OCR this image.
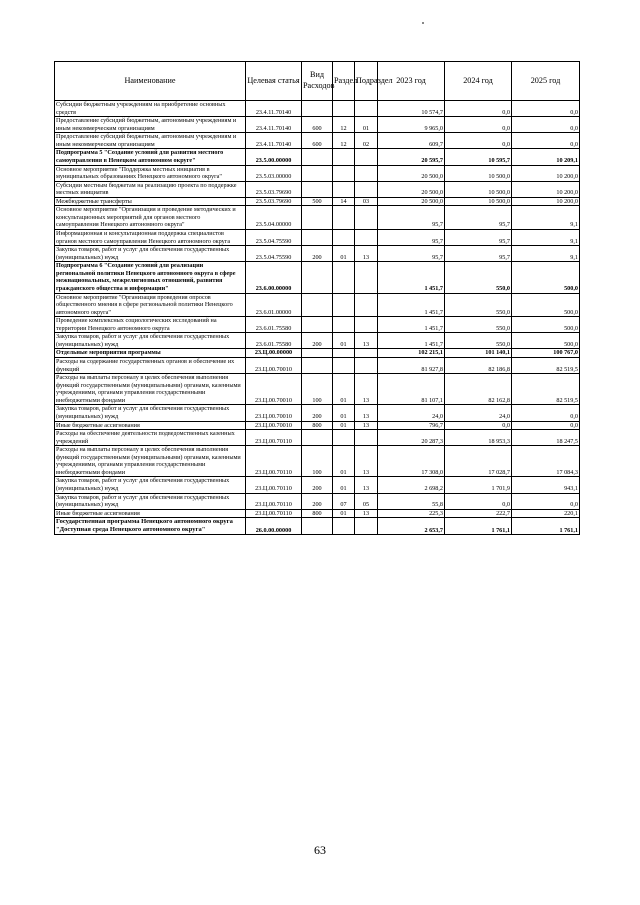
Наименование	Целевая статья	Вид Расходов	Раздел	Подраздел	2023 год	2024 год	2025 год
Субсидии бюджетным учреждениям на приобретение основных средств	23.4.11.70140				10 574,7	0,0	0,0
Предоставление субсидий бюджетным, автономным учреждениям и иным некоммерческим организациям	23.4.11.70140	600	12	01	9 965,0	0,0	0,0
Предоставление субсидий бюджетным, автономным учреждениям и иным некоммерческим организациям	23.4.11.70140	600	12	02	609,7	0,0	0,0
Подпрограмма 5 "Создание условий для развития местного самоуправления в Ненецком автономном округе"	23.5.00.00000				20 595,7	10 595,7	10 209,1
Основное мероприятие "Поддержка местных инициатив в муниципальных образованиях Ненецкого автономного округа"	23.5.03.00000				20 500,0	10 500,0	10 200,0
Субсидии местным бюджетам на реализацию проекта по поддержке местных инициатив	23.5.03.79690				20 500,0	10 500,0	10 200,0
Межбюджетные трансферты	23.5.03.79690	500	14	03	20 500,0	10 500,0	10 200,0
Основное мероприятие "Организация и проведение методических и консультационных мероприятий для органов местного самоуправления Ненецкого автономного округа"	23.5.04.00000				95,7	95,7	9,1
Информационная и консультационная поддержка специалистов органов местного самоуправления Ненецкого автономного округа	23.5.04.75590				95,7	95,7	9,1
Закупка товаров, работ и услуг для обеспечения государственных (муниципальных) нужд	23.5.04.75590	200	01	13	95,7	95,7	9,1
Подпрограмма 6 "Создание условий для реализации региональной политики Ненецкого автономного округа в сфере межнациональных, межрелигиозных отношений, развития гражданского общества и информации"	23.6.00.00000				1 451,7	550,0	500,0
Основное мероприятие "Организация проведения опросов общественного мнения в сфере региональной политики Ненецкого автономного округа"	23.6.01.00000				1 451,7	550,0	500,0
Проведение комплексных социологических исследований на территории Ненецкого автономного округа	23.6.01.75580				1 451,7	550,0	500,0
Закупка товаров, работ и услуг для обеспечения государственных (муниципальных) нужд	23.6.01.75580	200	01	13	1 451,7	550,0	500,0
Отдельные мероприятия программы	23.Ц.00.00000				102 215,1	101 140,1	100 767,0
Расходы на содержание государственных органов и обеспечение их функций	23.Ц.00.70010				81 927,8	82 186,8	82 519,5
Расходы на выплаты персоналу в целях обеспечения выполнения функций государственными (муниципальными) органами, казенными учреждениями, органами управления государственными внебюджетными фондами	23.Ц.00.70010	100	01	13	81 107,1	82 162,8	82 519,5
Закупка товаров, работ и услуг для обеспечения государственных (муниципальных) нужд	23.Ц.00.70010	200	01	13	24,0	24,0	0,0
Иные бюджетные ассигнования	23.Ц.00.70010	800	01	13	796,7	0,0	0,0
Расходы на обеспечение деятельности подведомственных казенных учреждений	23.Ц.00.70110				20 287,3	18 953,3	18 247,5
Расходы на выплаты персоналу в целях обеспечения выполнения функций государственными (муниципальными) органами, казенными учреждениями, органами управления государственными внебюджетными фондами	23.Ц.00.70110	100	01	13	17 308,0	17 028,7	17 084,3
Закупка товаров, работ и услуг для обеспечения государственных (муниципальных) нужд	23.Ц.00.70110	200	01	13	2 698,2	1 701,9	943,1
Закупка товаров, работ и услуг для обеспечения государственных (муниципальных) нужд	23.Ц.00.70110	200	07	05	55,8	0,0	0,0
Иные бюджетные ассигнования	23.Ц.00.70110	800	01	13	225,3	222,7	220,1
Государственная программа Ненецкого автономного округа "Доступная среда Ненецкого автономного округа"	26.0.00.00000				2 653,7	1 761,1	1 761,1
63
